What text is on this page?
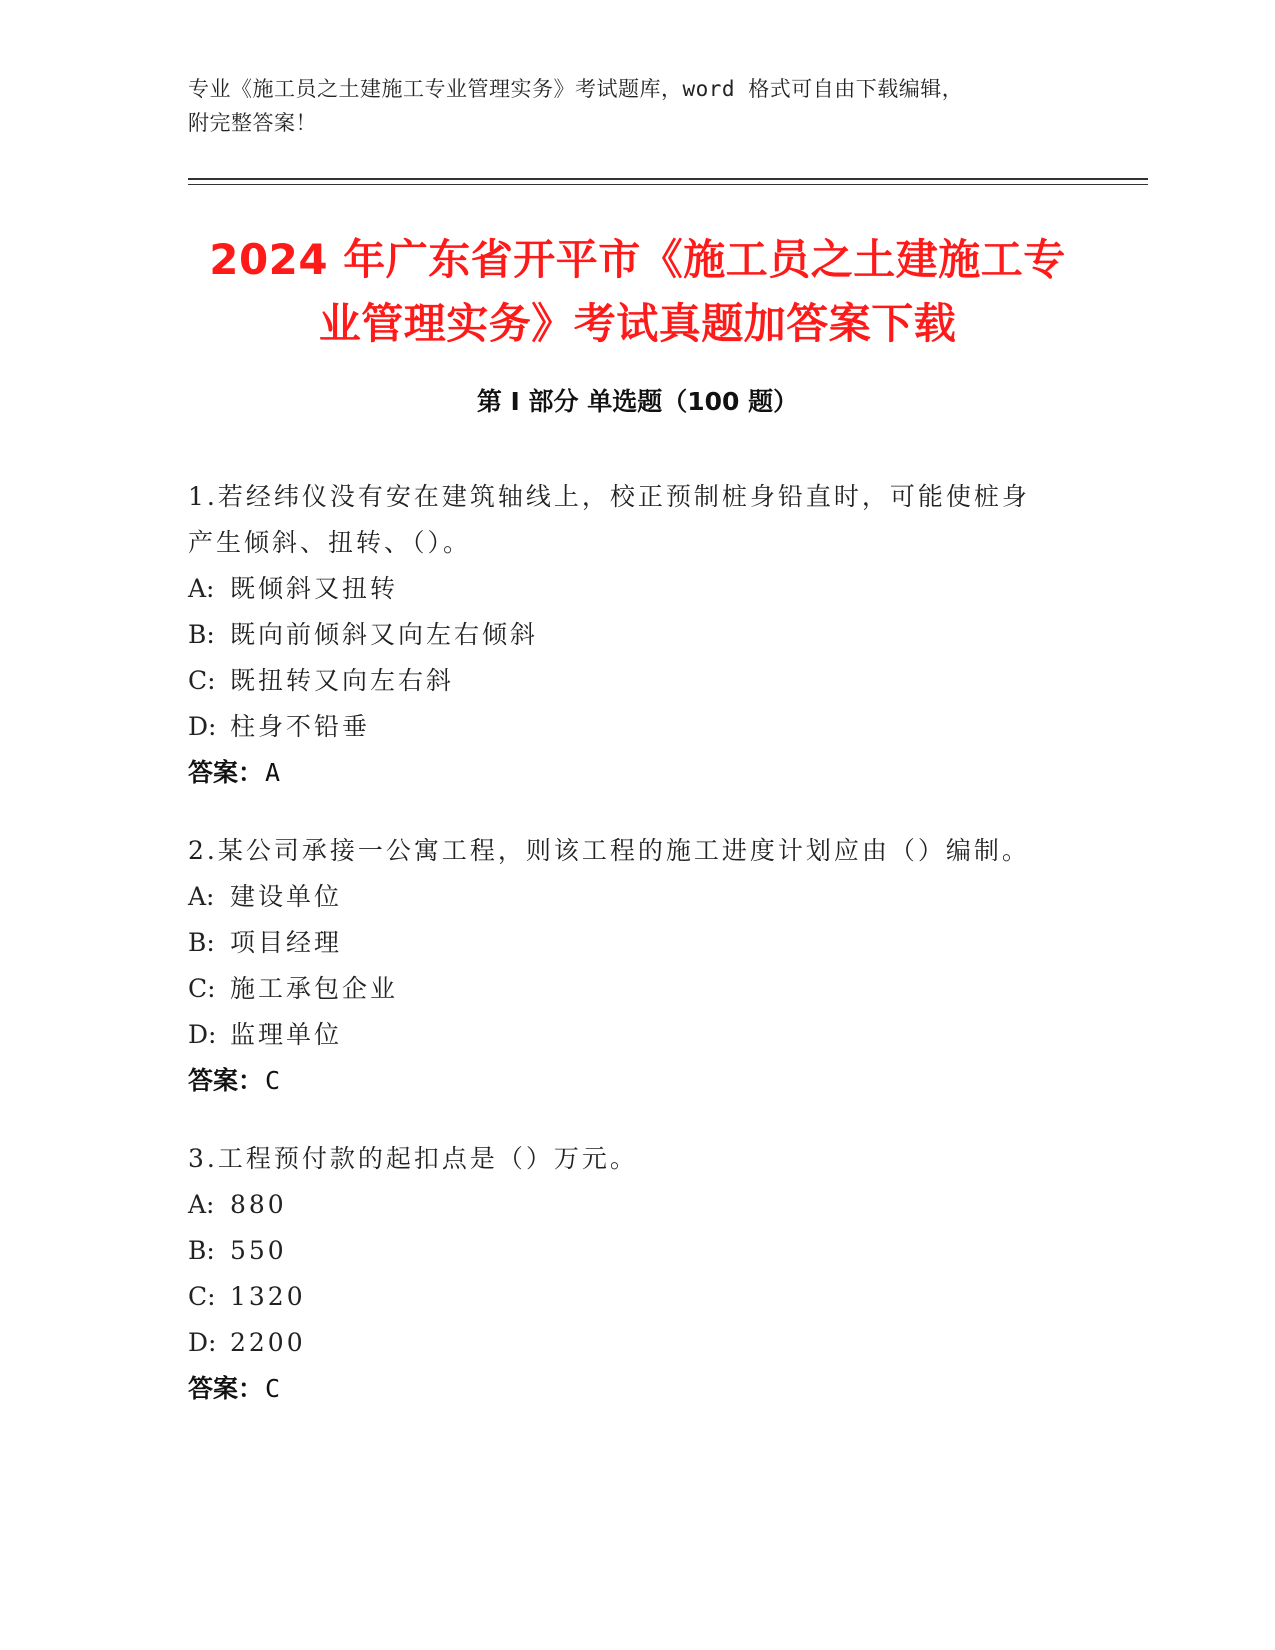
专业《施工员之土建施工专业管理实务》考试题库，word 格式可自由下载编辑，
附完整答案！
2024 年广东省开平市《施工员之土建施工专
业管理实务》考试真题加答案下载
第 I 部分 单选题（100 题）
1.若经纬仪没有安在建筑轴线上，校正预制桩身铅直时，可能使桩身
产生倾斜、扭转、（）。
A: 既倾斜又扭转
B: 既向前倾斜又向左右倾斜
C: 既扭转又向左右斜
D: 柱身不铅垂
答案：A
2.某公司承接一公寓工程，则该工程的施工进度计划应由（）编制。
A: 建设单位
B: 项目经理
C: 施工承包企业
D: 监理单位
答案：C
3.工程预付款的起扣点是（）万元。
A: 880
B: 550
C: 1320
D: 2200
答案：C
